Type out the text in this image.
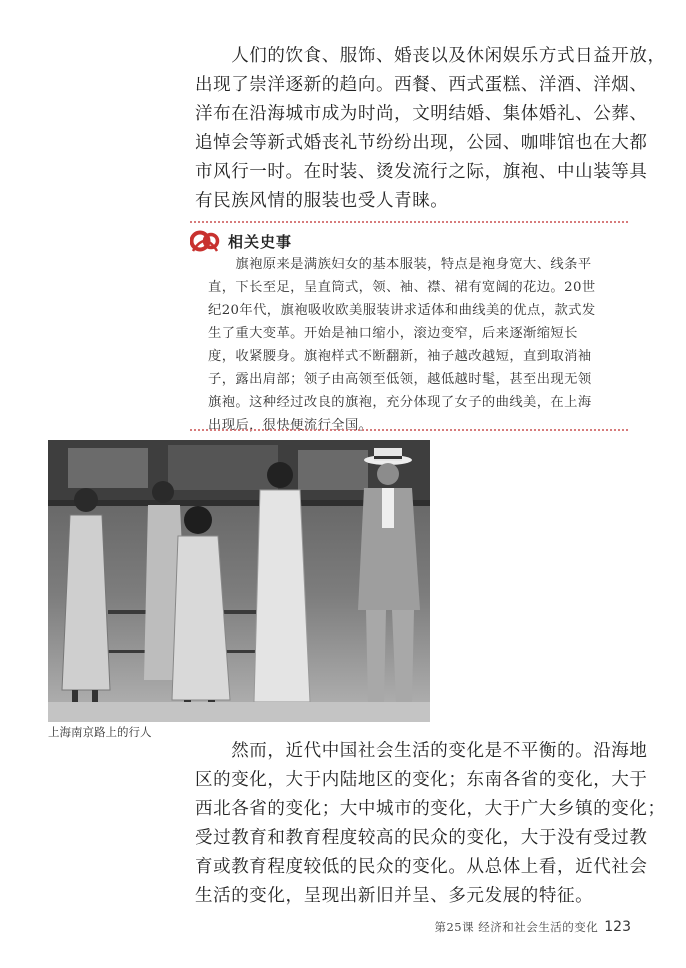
　　人们的饮食、服饰、婚丧以及休闲娱乐方式日益开放，
出现了崇洋逐新的趋向。西餐、西式蛋糕、洋酒、洋烟、
洋布在沿海城市成为时尚，文明结婚、集体婚礼、公葬、
追悼会等新式婚丧礼节纷纷出现，公园、咖啡馆也在大都
市风行一时。在时装、烫发流行之际，旗袍、中山装等具
有民族风情的服装也受人青睐。
相关史事
　　旗袍原来是满族妇女的基本服装，特点是袍身宽大、线条平
直，下长至足，呈直筒式，领、袖、襟、裙有宽阔的花边。20世
纪20年代，旗袍吸收欧美服装讲求适体和曲线美的优点，款式发
生了重大变革。开始是袖口缩小，滚边变窄，后来逐渐缩短长
度，收紧腰身。旗袍样式不断翻新，袖子越改越短，直到取消袖
子，露出肩部；领子由高领至低领，越低越时髦，甚至出现无领
旗袍。这种经过改良的旗袍，充分体现了女子的曲线美，在上海
出现后，很快便流行全国。
上海南京路上的行人
　　然而，近代中国社会生活的变化是不平衡的。沿海地
区的变化，大于内陆地区的变化；东南各省的变化，大于
西北各省的变化；大中城市的变化，大于广大乡镇的变化；
受过教育和教育程度较高的民众的变化，大于没有受过教
育或教育程度较低的民众的变化。从总体上看，近代社会
生活的变化，呈现出新旧并呈、多元发展的特征。
第25课 经济和社会生活的变化 123
